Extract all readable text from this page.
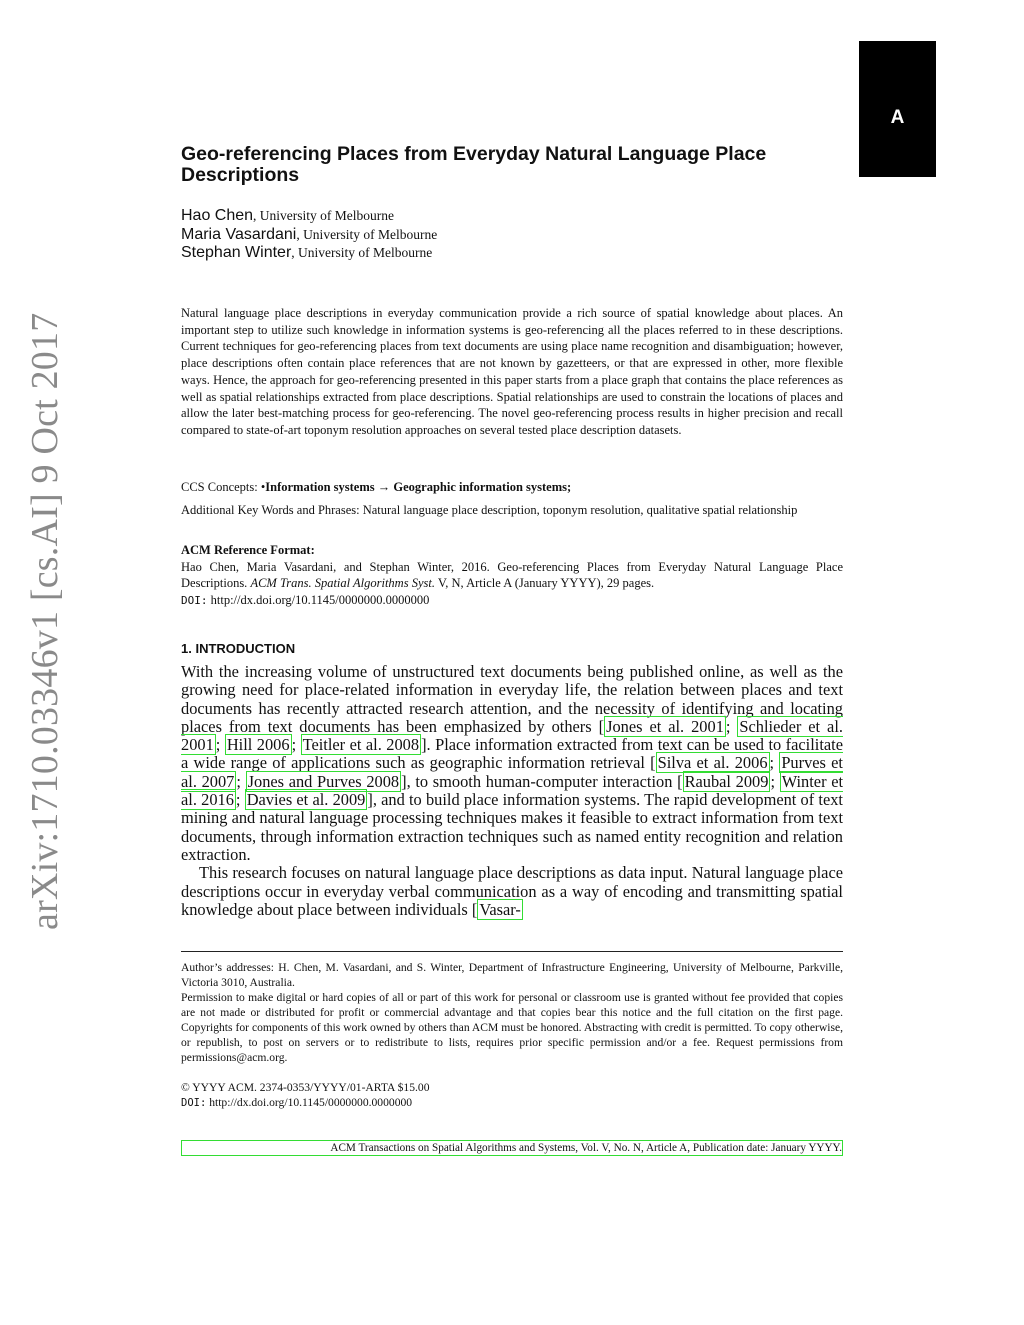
arXiv:1710.03346v1 [cs.AI] 9 Oct 2017
A
Geo-referencing Places from Everyday Natural Language Place Descriptions
Hao Chen, University of Melbourne
Maria Vasardani, University of Melbourne
Stephan Winter, University of Melbourne

Natural language place descriptions in everyday communication provide a rich source of spatial knowledge about places. An important step to utilize such knowledge in information systems is geo-referencing all the places referred to in these descriptions. Current techniques for geo-referencing places from text documents are using place name recognition and disambiguation; however, place descriptions often contain place references that are not known by gazetteers, or that are expressed in other, more flexible ways. Hence, the approach for geo-referencing presented in this paper starts from a place graph that contains the place references as well as spatial relationships extracted from place descriptions. Spatial relationships are used to constrain the locations of places and allow the later best-matching process for geo-referencing. The novel geo-referencing process results in higher precision and recall compared to state-of-art toponym resolution approaches on several tested place description datasets.

CCS Concepts: •Information systems → Geographic information systems;

Additional Key Words and Phrases: Natural language place description, toponym resolution, qualitative spatial relationship

ACM Reference Format:
Hao Chen, Maria Vasardani, and Stephan Winter, 2016. Geo-referencing Places from Everyday Natural Language Place Descriptions. ACM Trans. Spatial Algorithms Syst. V, N, Article A (January YYYY), 29 pages.
DOI: http://dx.doi.org/10.1145/0000000.0000000
1. INTRODUCTION

With the increasing volume of unstructured text documents being published online, as well as the growing need for place-related information in everyday life, the relation between places and text documents has recently attracted research attention, and the necessity of identifying and locating places from text documents has been emphasized by others [ Jones et al. 2001 ; Schlieder et al. 2001 ; Hill 2006 ; Teitler et al. 2008 ]. Place information extracted from text can be used to facilitate a wide range of applications such as geographic information retrieval [ Silva et al. 2006 ; Purves et al. 2007 ; Jones and Purves 2008 ], to smooth human-computer interaction [ Raubal 2009 ; Winter et al. 2016 ; Davies et al. 2009 ], and to build place information systems. The rapid development of text mining and natural language processing techniques makes it feasible to extract information from text documents, through information extraction techniques such as named entity recognition and relation extraction.

This research focuses on natural language place descriptions as data input. Natural language place descriptions occur in everyday verbal communication as a way of encoding and transmitting spatial knowledge about place between individuals [ Vasar-

Author’s addresses: H. Chen, M. Vasardani, and S. Winter, Department of Infrastructure Engineering, University of Melbourne, Parkville, Victoria 3010, Australia.

Permission to make digital or hard copies of all or part of this work for personal or classroom use is granted without fee provided that copies are not made or distributed for profit or commercial advantage and that copies bear this notice and the full citation on the first page. Copyrights for components of this work owned by others than ACM must be honored. Abstracting with credit is permitted. To copy otherwise, or republish, to post on servers or to redistribute to lists, requires prior specific permission and/or a fee. Request permissions from permissions@acm.org.

© YYYY ACM. 2374-0353/YYYY/01-ARTA $15.00

DOI: http://dx.doi.org/10.1145/0000000.0000000

ACM Transactions on Spatial Algorithms and Systems, Vol. V, No. N, Article A, Publication date: January YYYY.
